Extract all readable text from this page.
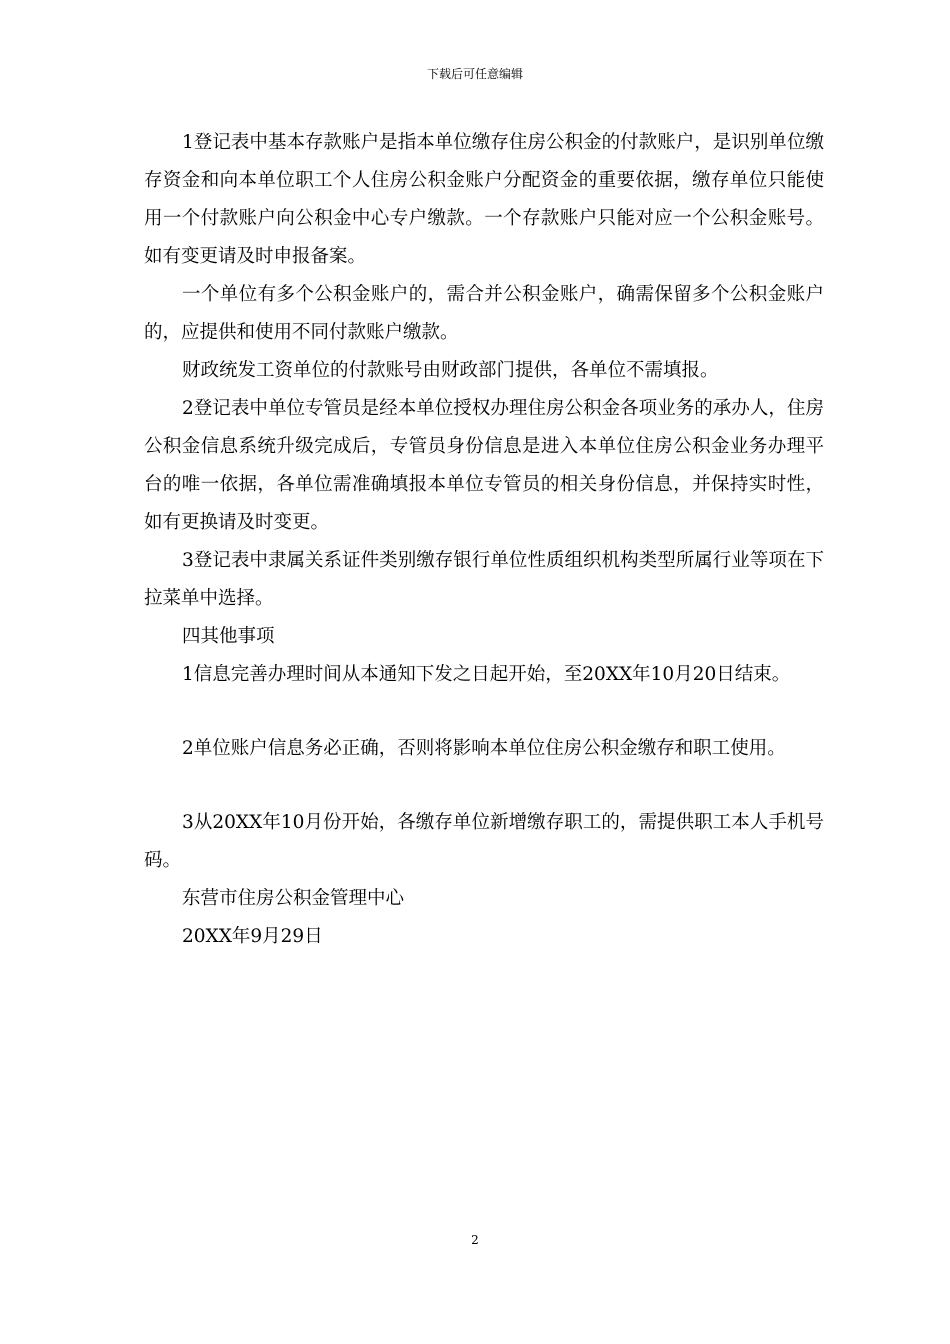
下载后可任意编辑

1登记表中基本存款账户是指本单位缴存住房公积金的付款账户，是识别单位缴存资金和向本单位职工个人住房公积金账户分配资金的重要依据，缴存单位只能使用一个付款账户向公积金中心专户缴款。一个存款账户只能对应一个公积金账号。如有变更请及时申报备案。

一个单位有多个公积金账户的，需合并公积金账户，确需保留多个公积金账户的，应提供和使用不同付款账户缴款。

财政统发工资单位的付款账号由财政部门提供，各单位不需填报。

2登记表中单位专管员是经本单位授权办理住房公积金各项业务的承办人，住房公积金信息系统升级完成后，专管员身份信息是进入本单位住房公积金业务办理平台的唯一依据，各单位需准确填报本单位专管员的相关身份信息，并保持实时性，如有更换请及时变更。

3登记表中隶属关系证件类别缴存银行单位性质组织机构类型所属行业等项在下拉菜单中选择。

四其他事项

1信息完善办理时间从本通知下发之日起开始，至20XX年10月20日结束。

2单位账户信息务必正确，否则将影响本单位住房公积金缴存和职工使用。

3从20XX年10月份开始，各缴存单位新增缴存职工的，需提供职工本人手机号码。

东营市住房公积金管理中心

20XX年9月29日

2
